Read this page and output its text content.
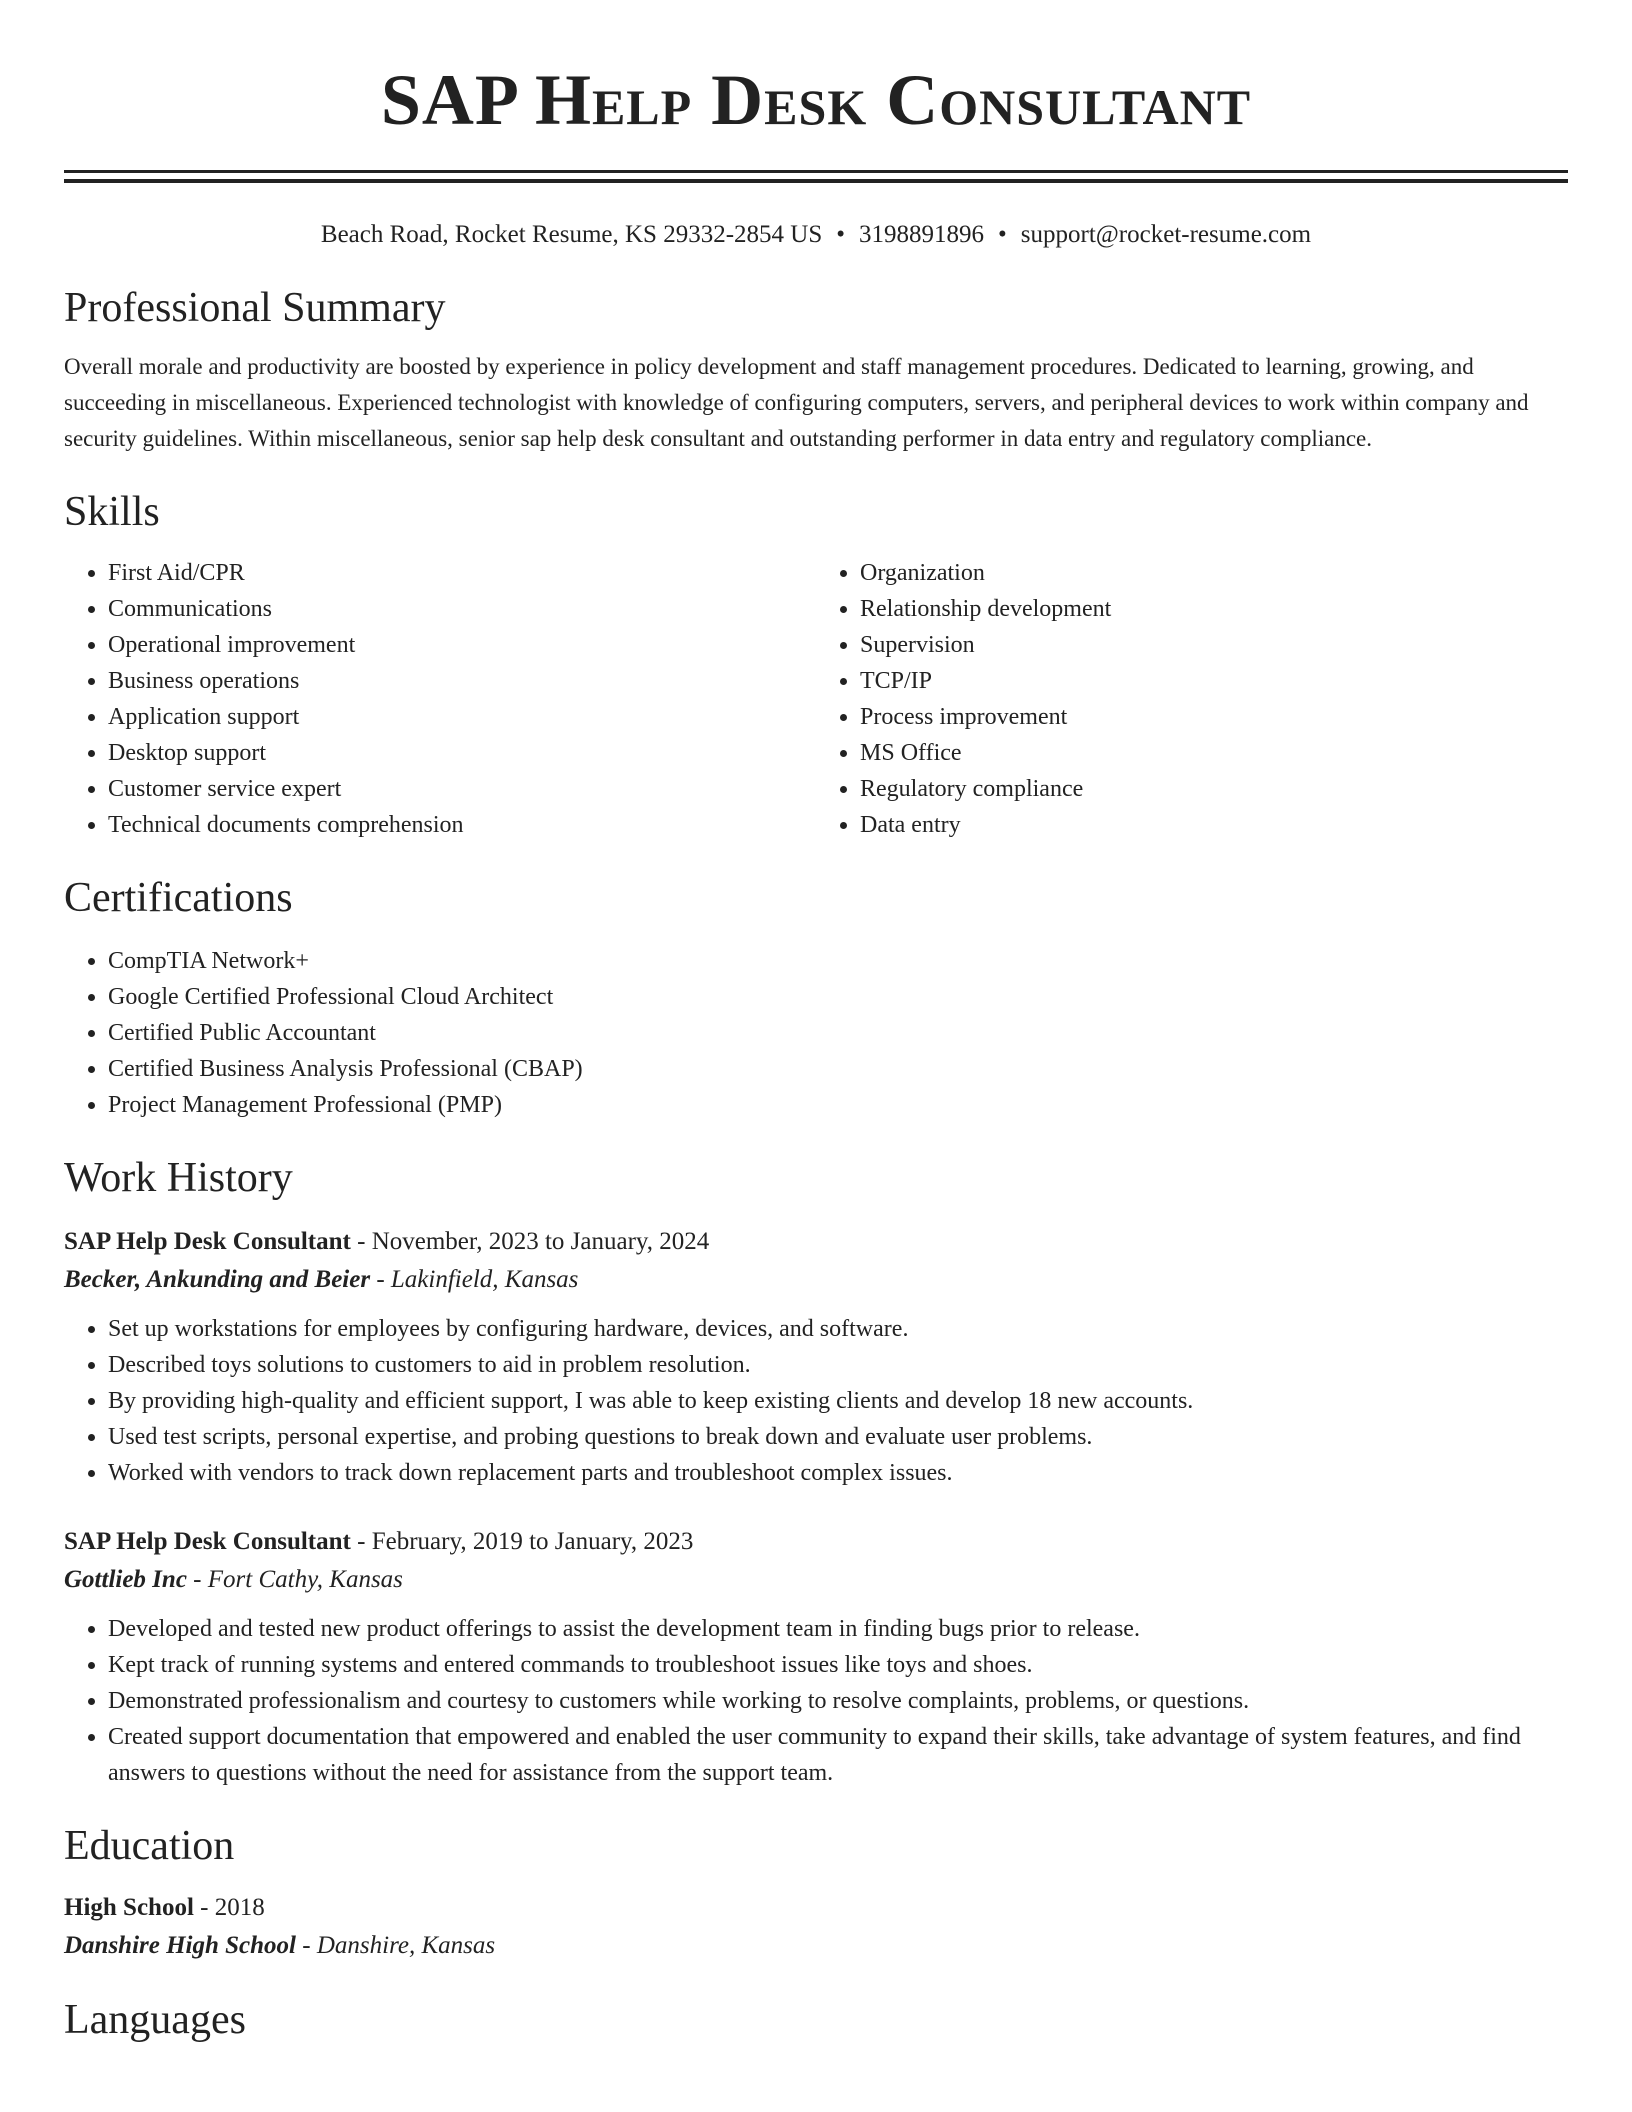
SAP Help Desk Consultant
Beach Road, Rocket Resume, KS 29332-2854 US • 3198891896 • support@rocket-resume.com
Professional Summary

Overall morale and productivity are boosted by experience in policy development and staff management procedures. Dedicated to learning, growing, and succeeding in miscellaneous. Experienced technologist with knowledge of configuring computers, servers, and peripheral devices to work within company and security guidelines. Within miscellaneous, senior sap help desk consultant and outstanding performer in data entry and regulatory compliance.

Skills
• First Aid/CPR
• Communications
• Operational improvement
• Business operations
• Application support
• Desktop support
• Customer service expert
• Technical documents comprehension
• Organization
• Relationship development
• Supervision
• TCP/IP
• Process improvement
• MS Office
• Regulatory compliance
• Data entry
Certifications
• CompTIA Network+
• Google Certified Professional Cloud Architect
• Certified Public Accountant
• Certified Business Analysis Professional (CBAP)
• Project Management Professional (PMP)
Work History
SAP Help Desk Consultant - November, 2023 to January, 2024
Becker, Ankunding and Beier - Lakinfield, Kansas
• Set up workstations for employees by configuring hardware, devices, and software.
• Described toys solutions to customers to aid in problem resolution.
• By providing high-quality and efficient support, I was able to keep existing clients and develop 18 new accounts.
• Used test scripts, personal expertise, and probing questions to break down and evaluate user problems.
• Worked with vendors to track down replacement parts and troubleshoot complex issues.
SAP Help Desk Consultant - February, 2019 to January, 2023
Gottlieb Inc - Fort Cathy, Kansas
• Developed and tested new product offerings to assist the development team in finding bugs prior to release.
• Kept track of running systems and entered commands to troubleshoot issues like toys and shoes.
• Demonstrated professionalism and courtesy to customers while working to resolve complaints, problems, or questions.
• Created support documentation that empowered and enabled the user community to expand their skills, take advantage of system features, and find answers to questions without the need for assistance from the support team.
Education
High School - 2018
Danshire High School - Danshire, Kansas
Languages
